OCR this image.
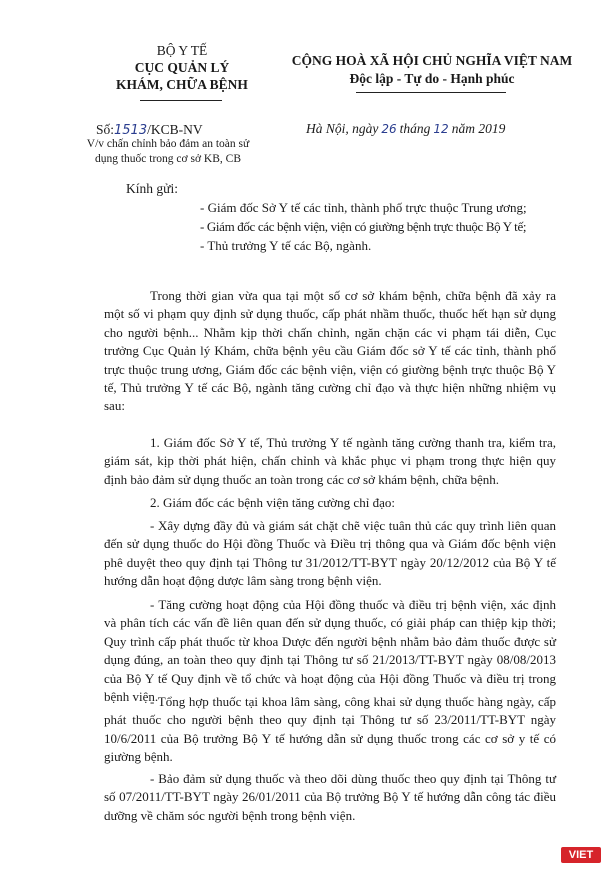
BỘ Y TẾ
CỤC QUẢN LÝ
KHÁM, CHỮA BỆNH
Số:1513/KCB-NV
V/v chấn chỉnh bảo đảm an toàn sử
dụng thuốc trong cơ sở KB, CB
CỘNG HOÀ XÃ HỘI CHỦ NGHĨA VIỆT NAM
Độc lập - Tự do - Hạnh phúc
Hà Nội, ngày 26 tháng 12 năm 2019
Kính gửi:
- Giám đốc Sở Y tế các tỉnh, thành phố trực thuộc Trung ương;
- Giám đốc các bệnh viện, viện có giường bệnh trực thuộc Bộ Y tế;
- Thủ trưởng Y tế các Bộ, ngành.
Trong thời gian vừa qua tại một số cơ sở khám bệnh, chữa bệnh đã xảy ra một số vi phạm quy định sử dụng thuốc, cấp phát nhầm thuốc, thuốc hết hạn sử dụng cho người bệnh... Nhằm kịp thời chấn chỉnh, ngăn chặn các vi phạm tái diễn, Cục trưởng Cục Quản lý Khám, chữa bệnh yêu cầu Giám đốc sở Y tế các tỉnh, thành phố trực thuộc trung ương, Giám đốc các bệnh viện, viện có giường bệnh trực thuộc Bộ Y tế, Thủ trưởng Y tế các Bộ, ngành tăng cường chỉ đạo và thực hiện những nhiệm vụ sau:
1. Giám đốc Sở Y tế, Thủ trưởng Y tế ngành tăng cường thanh tra, kiểm tra, giám sát, kịp thời phát hiện, chấn chỉnh và khắc phục vi phạm trong thực hiện quy định bảo đảm sử dụng thuốc an toàn trong các cơ sở khám bệnh, chữa bệnh.
2. Giám đốc các bệnh viện tăng cường chỉ đạo:
- Xây dựng đầy đủ và giám sát chặt chẽ việc tuân thủ các quy trình liên quan đến sử dụng thuốc do Hội đồng Thuốc và Điều trị thông qua và Giám đốc bệnh viện phê duyệt theo quy định tại Thông tư 31/2012/TT-BYT ngày 20/12/2012 của Bộ Y tế hướng dẫn hoạt động dược lâm sàng trong bệnh viện.
- Tăng cường hoạt động của Hội đồng thuốc và điều trị bệnh viện, xác định và phân tích các vấn đề liên quan đến sử dụng thuốc, có giải pháp can thiệp kịp thời; Quy trình cấp phát thuốc từ khoa Dược đến người bệnh nhằm bảo đảm thuốc được sử dụng đúng, an toàn theo quy định tại Thông tư số 21/2013/TT-BYT ngày 08/08/2013 của Bộ Y tế Quy định về tổ chức và hoạt động của Hội đồng Thuốc và điều trị trong bệnh viện.
- Tổng hợp thuốc tại khoa lâm sàng, công khai sử dụng thuốc hàng ngày, cấp phát thuốc cho người bệnh theo quy định tại Thông tư số 23/2011/TT-BYT ngày 10/6/2011 của Bộ trưởng Bộ Y tế hướng dẫn sử dụng thuốc trong các cơ sở y tế có giường bệnh.
- Bảo đảm sử dụng thuốc và theo dõi dùng thuốc theo quy định tại Thông tư số 07/2011/TT-BYT ngày 26/01/2011 của Bộ trưởng Bộ Y tế hướng dẫn công tác điều dưỡng về chăm sóc người bệnh trong bệnh viện.
VIET
